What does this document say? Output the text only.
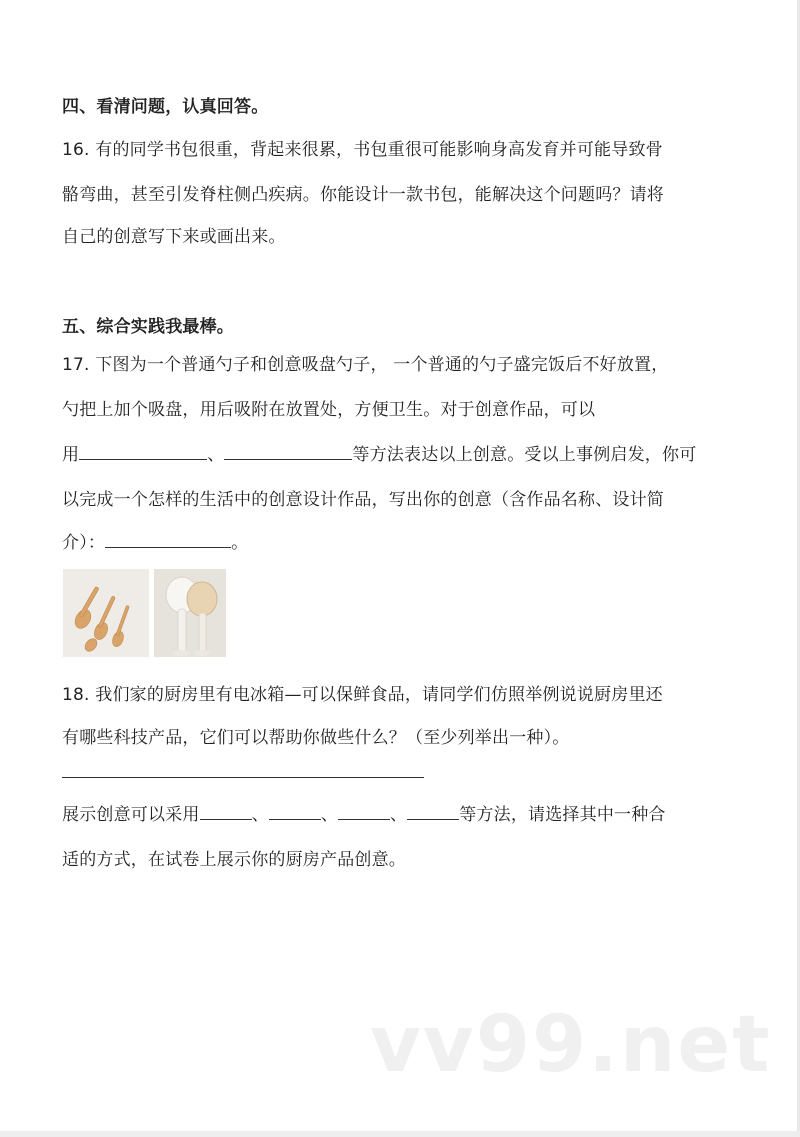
四、看清问题，认真回答。
16. 有的同学书包很重，背起来很累，书包重很可能影响身高发育并可能导致骨
骼弯曲，甚至引发脊柱侧凸疾病。你能设计一款书包，能解决这个问题吗？请将
自己的创意写下来或画出来。
五、综合实践我最棒。
17. 下图为一个普通勺子和创意吸盘勺子， 一个普通的勺子盛完饭后不好放置，
勺把上加个吸盘，用后吸附在放置处，方便卫生。对于创意作品，可以
用	、	等方法表达以上创意。受以上事例启发，你可
以完成一个怎样的生活中的创意设计作品，写出你的创意（含作品名称、设计简
介）：	。
18. 我们家的厨房里有电冰箱—可以保鲜食品，请同学们仿照举例说说厨房里还
有哪些科技产品，它们可以帮助你做些什么？（至少列举出一种）。
展示创意可以采用	、	、	、	等方法，请选择其中一种合
适的方式，在试卷上展示你的厨房产品创意。
vv99.net
